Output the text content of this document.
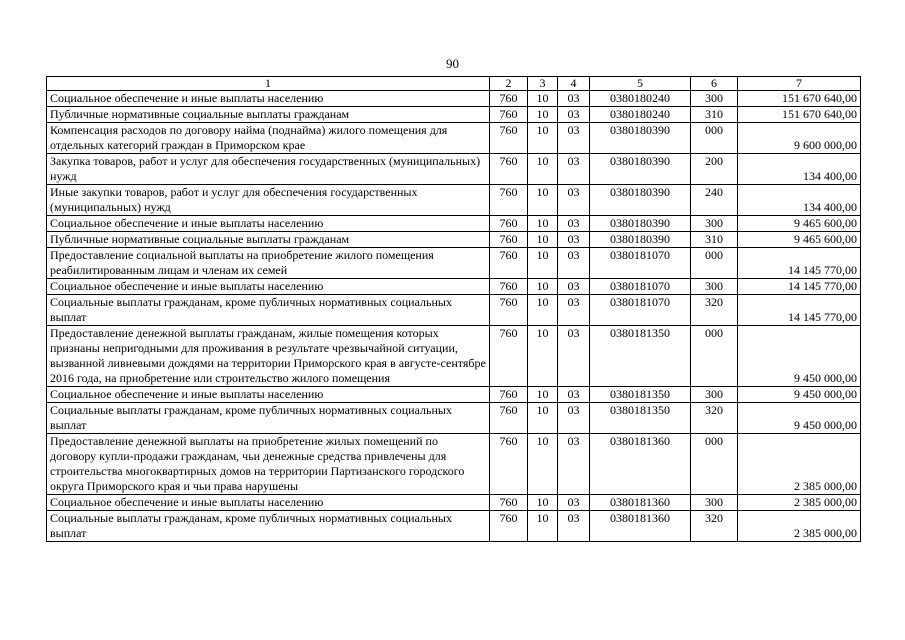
90
1	2	3	4	5	6	7
Социальное обеспечение и иные выплаты населению	760	10	03	0380180240	300	151 670 640,00
Публичные нормативные социальные выплаты гражданам	760	10	03	0380180240	310	151 670 640,00
Компенсация расходов по договору найма (поднайма) жилого помещения для отдельных категорий граждан в Приморском крае	760	10	03	0380180390	000	9 600 000,00
Закупка товаров, работ и услуг для обеспечения государственных (муниципальных) нужд	760	10	03	0380180390	200	134 400,00
Иные закупки товаров, работ и услуг для обеспечения государственных (муниципальных) нужд	760	10	03	0380180390	240	134 400,00
Социальное обеспечение и иные выплаты населению	760	10	03	0380180390	300	9 465 600,00
Публичные нормативные социальные выплаты гражданам	760	10	03	0380180390	310	9 465 600,00
Предоставление социальной выплаты на приобретение жилого помещения реабилитированным лицам и членам их семей	760	10	03	0380181070	000	14 145 770,00
Социальное обеспечение и иные выплаты населению	760	10	03	0380181070	300	14 145 770,00
Социальные выплаты гражданам, кроме публичных нормативных социальных выплат	760	10	03	0380181070	320	14 145 770,00
Предоставление денежной выплаты гражданам, жилые помещения которых признаны непригодными для проживания в результате чрезвычайной ситуации, вызванной ливневыми дождями на территории Приморского края в августе-сентябре 2016 года, на приобретение или строительство жилого помещения	760	10	03	0380181350	000	9 450 000,00
Социальное обеспечение и иные выплаты населению	760	10	03	0380181350	300	9 450 000,00
Социальные выплаты гражданам, кроме публичных нормативных социальных выплат	760	10	03	0380181350	320	9 450 000,00
Предоставление денежной выплаты на приобретение жилых помещений по договору купли-продажи гражданам, чьи денежные средства привлечены для строительства многоквартирных домов на территории Партизанского городского округа Приморского края и чьи права нарушены	760	10	03	0380181360	000	2 385 000,00
Социальное обеспечение и иные выплаты населению	760	10	03	0380181360	300	2 385 000,00
Социальные выплаты гражданам, кроме публичных нормативных социальных выплат	760	10	03	0380181360	320	2 385 000,00
